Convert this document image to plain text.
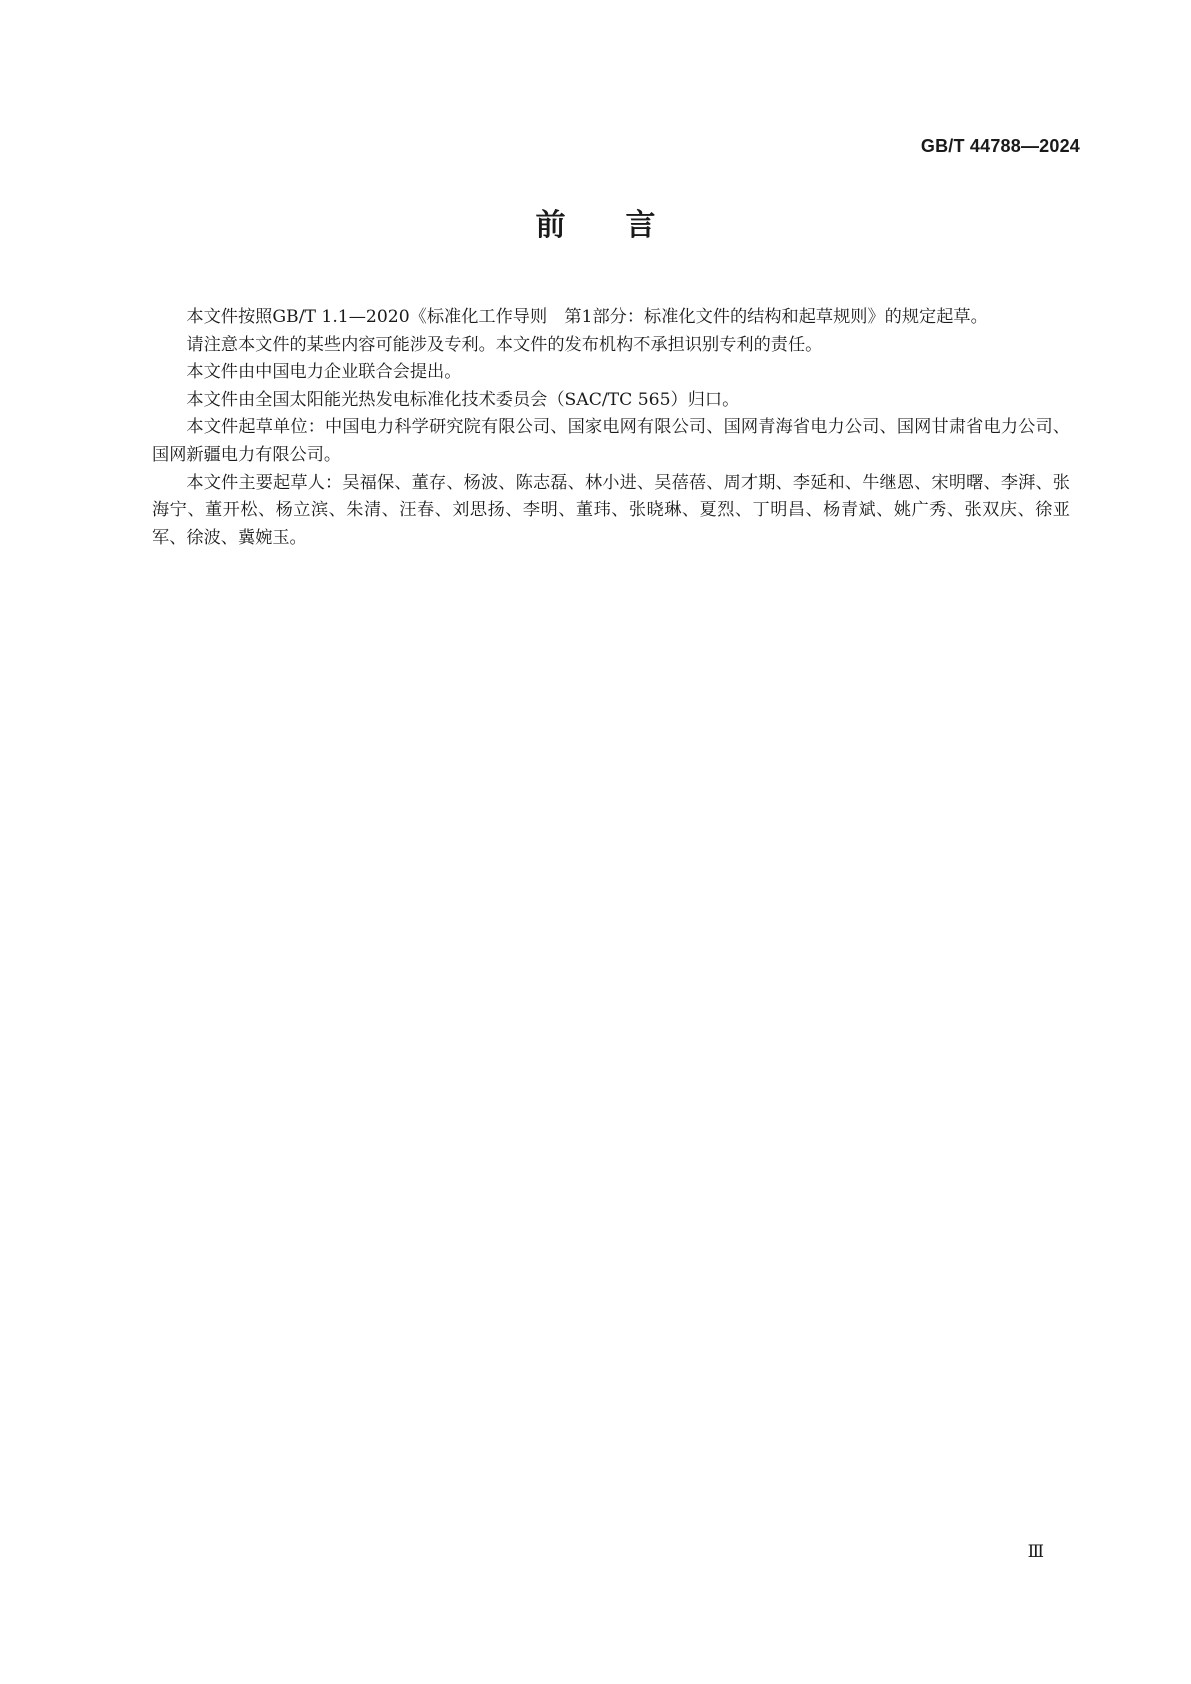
GB/T 44788—2024
前言

本文件按照GB/T 1.1—2020《标准化工作导则　第1部分：标准化文件的结构和起草规则》的规定起草。

请注意本文件的某些内容可能涉及专利。本文件的发布机构不承担识别专利的责任。

本文件由中国电力企业联合会提出。

本文件由全国太阳能光热发电标准化技术委员会（SAC/TC 565）归口。

本文件起草单位：中国电力科学研究院有限公司、国家电网有限公司、国网青海省电力公司、国网甘肃省电力公司、国网新疆电力有限公司。

本文件主要起草人：吴福保、董存、杨波、陈志磊、林小进、吴蓓蓓、周才期、李延和、牛继恩、宋明曙、李湃、张海宁、董开松、杨立滨、朱清、汪春、刘思扬、李明、董玮、张晓琳、夏烈、丁明昌、杨青斌、姚广秀、张双庆、徐亚军、徐波、冀婉玉。

Ⅲ
